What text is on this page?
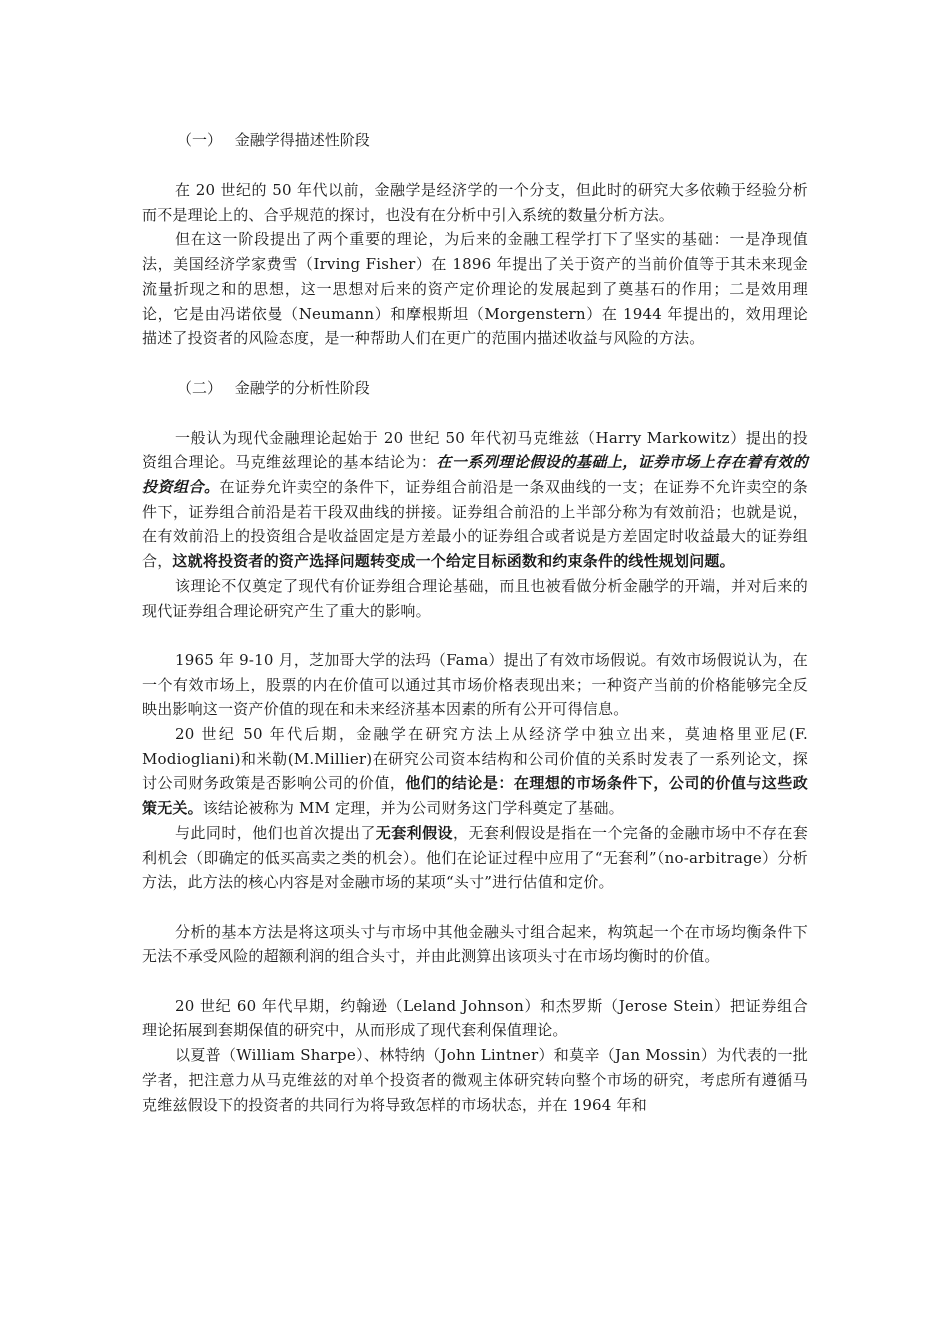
（一） 金融学得描述性阶段

在 20 世纪的 50 年代以前，金融学是经济学的一个分支，但此时的研究大多依赖于经验分析而不是理论上的、合乎规范的探讨，也没有在分析中引入系统的数量分析方法。

但在这一阶段提出了两个重要的理论，为后来的金融工程学打下了坚实的基础：一是净现值法，美国经济学家费雪（Irving Fisher）在 1896 年提出了关于资产的当前价值等于其未来现金流量折现之和的思想，这一思想对后来的资产定价理论的发展起到了奠基石的作用；二是效用理论，它是由冯诺依曼（Neumann）和摩根斯坦（Morgenstern）在 1944 年提出的，效用理论描述了投资者的风险态度，是一种帮助人们在更广的范围内描述收益与风险的方法。

（二） 金融学的分析性阶段

一般认为现代金融理论起始于 20 世纪 50 年代初马克维兹（Harry Markowitz）提出的投资组合理论。马克维兹理论的基本结论为：在一系列理论假设的基础上，证券市场上存在着有效的投资组合。在证券允许卖空的条件下，证券组合前沿是一条双曲线的一支；在证券不允许卖空的条件下，证券组合前沿是若干段双曲线的拼接。证券组合前沿的上半部分称为有效前沿；也就是说，在有效前沿上的投资组合是收益固定是方差最小的证券组合或者说是方差固定时收益最大的证券组合，这就将投资者的资产选择问题转变成一个给定目标函数和约束条件的线性规划问题。

该理论不仅奠定了现代有价证券组合理论基础，而且也被看做分析金融学的开端，并对后来的现代证券组合理论研究产生了重大的影响。

1965 年 9-10 月，芝加哥大学的法玛（Fama）提出了有效市场假说。有效市场假说认为，在一个有效市场上，股票的内在价值可以通过其市场价格表现出来；一种资产当前的价格能够完全反映出影响这一资产价值的现在和未来经济基本因素的所有公开可得信息。

20 世纪 50 年代后期，金融学在研究方法上从经济学中独立出来，莫迪格里亚尼(F. Modiogliani)和米勒(M.Millier)在研究公司资本结构和公司价值的关系时发表了一系列论文，探讨公司财务政策是否影响公司的价值，他们的结论是：在理想的市场条件下，公司的价值与这些政策无关。该结论被称为 MM 定理，并为公司财务这门学科奠定了基础。

与此同时，他们也首次提出了无套利假设，无套利假设是指在一个完备的金融市场中不存在套利机会（即确定的低买高卖之类的机会）。他们在论证过程中应用了“无套利”（no-arbitrage）分析方法，此方法的核心内容是对金融市场的某项“头寸”进行估值和定价。

分析的基本方法是将这项头寸与市场中其他金融头寸组合起来，构筑起一个在市场均衡条件下无法不承受风险的超额利润的组合头寸，并由此测算出该项头寸在市场均衡时的价值。

20 世纪 60 年代早期，约翰逊（Leland Johnson）和杰罗斯（Jerose Stein）把证券组合理论拓展到套期保值的研究中，从而形成了现代套利保值理论。

以夏普（William Sharpe）、林特纳（John Lintner）和莫辛（Jan Mossin）为代表的一批学者，把注意力从马克维兹的对单个投资者的微观主体研究转向整个市场的研究，考虑所有遵循马克维兹假设下的投资者的共同行为将导致怎样的市场状态，并在 1964 年和
